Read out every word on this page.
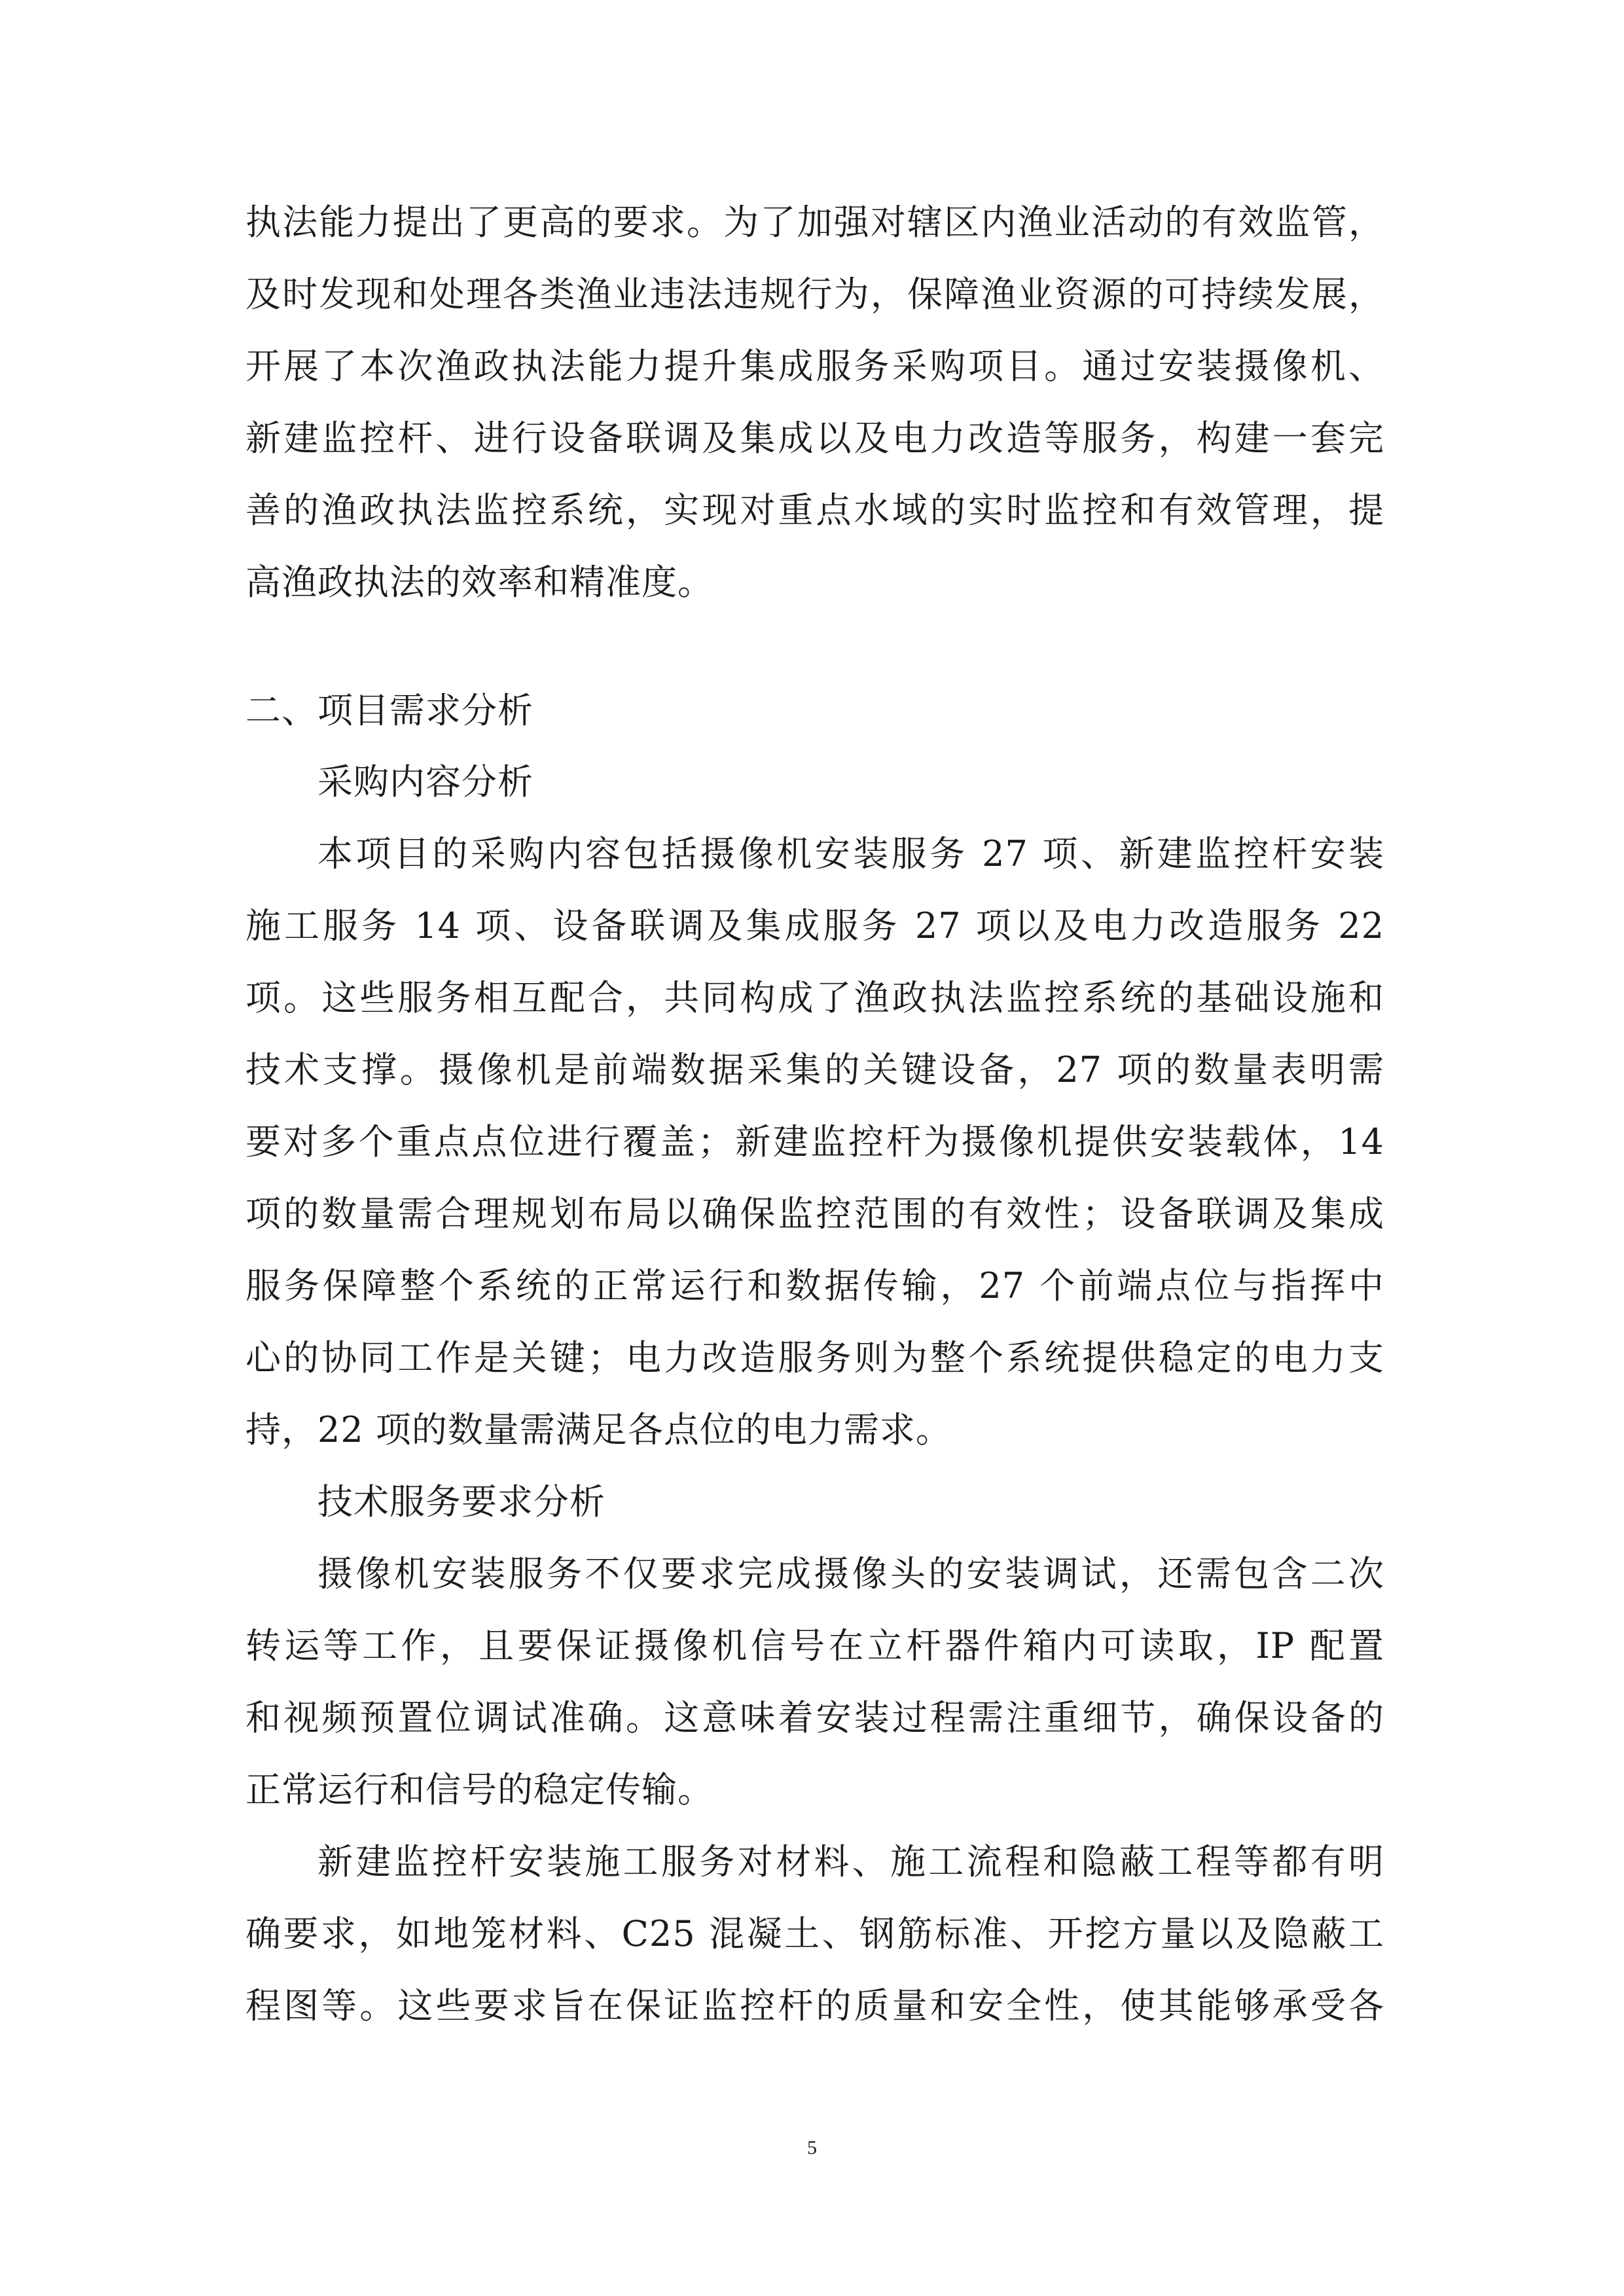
执法能力提出了更高的要求。为了加强对辖区内渔业活动的有效监管，
及时发现和处理各类渔业违法违规行为，保障渔业资源的可持续发展，
开展了本次渔政执法能力提升集成服务采购项目。通过安装摄像机、
新建监控杆、进行设备联调及集成以及电力改造等服务，构建一套完
善的渔政执法监控系统，实现对重点水域的实时监控和有效管理，提
高渔政执法的效率和精准度。
二、项目需求分析
采购内容分析
本项目的采购内容包括摄像机安装服务 27 项、新建监控杆安装
施工服务 14 项、设备联调及集成服务 27 项以及电力改造服务 22
项。这些服务相互配合，共同构成了渔政执法监控系统的基础设施和
技术支撑。摄像机是前端数据采集的关键设备，27 项的数量表明需
要对多个重点点位进行覆盖；新建监控杆为摄像机提供安装载体，14
项的数量需合理规划布局以确保监控范围的有效性；设备联调及集成
服务保障整个系统的正常运行和数据传输，27 个前端点位与指挥中
心的协同工作是关键；电力改造服务则为整个系统提供稳定的电力支
持，22 项的数量需满足各点位的电力需求。
技术服务要求分析
摄像机安装服务不仅要求完成摄像头的安装调试，还需包含二次
转运等工作，且要保证摄像机信号在立杆器件箱内可读取，IP 配置
和视频预置位调试准确。这意味着安装过程需注重细节，确保设备的
正常运行和信号的稳定传输。
新建监控杆安装施工服务对材料、施工流程和隐蔽工程等都有明
确要求，如地笼材料、C25 混凝土、钢筋标准、开挖方量以及隐蔽工
程图等。这些要求旨在保证监控杆的质量和安全性，使其能够承受各
5
